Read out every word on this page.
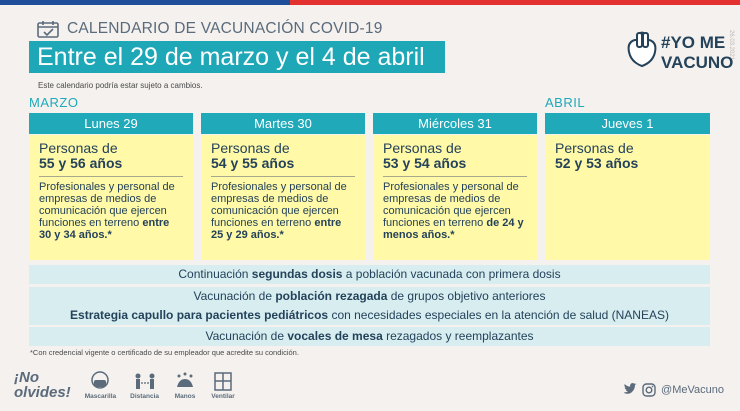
26.03.2021
CALENDARIO DE VACUNACIÓN COVID-19
Entre el 29 de marzo y el 4 de abril
Este calendario podría estar sujeto a cambios.
#YO ME
VACUNO
MARZO	ABRIL
Lunes 29
Personas de
55 y 56 años
Profesionales y personal de empresas de medios de comunicación que ejercen funciones en terreno entre 30 y 34 años.*
Martes 30
Personas de
54 y 55 años
Profesionales y personal de empresas de medios de comunicación que ejercen funciones en terreno entre 25 y 29 años.*
Miércoles 31
Personas de
53 y 54 años
Profesionales y personal de empresas de medios de comunicación que ejercen funciones en terreno de 24 y menos años.*
Jueves 1
Personas de
52 y 53 años
Continuación segundas dosis a población vacunada con primera dosis
Vacunación de población rezagada de grupos objetivo anteriores
Estrategia capullo para pacientes pediátricos con necesidades especiales en la atención de salud (NANEAS)
Vacunación de vocales de mesa rezagados y reemplazantes
*Con credencial vigente o certificado de su empleador que acredite su condición.
¡No
olvides! Mascarilla Distancia Manos Ventilar
@MeVacuno
